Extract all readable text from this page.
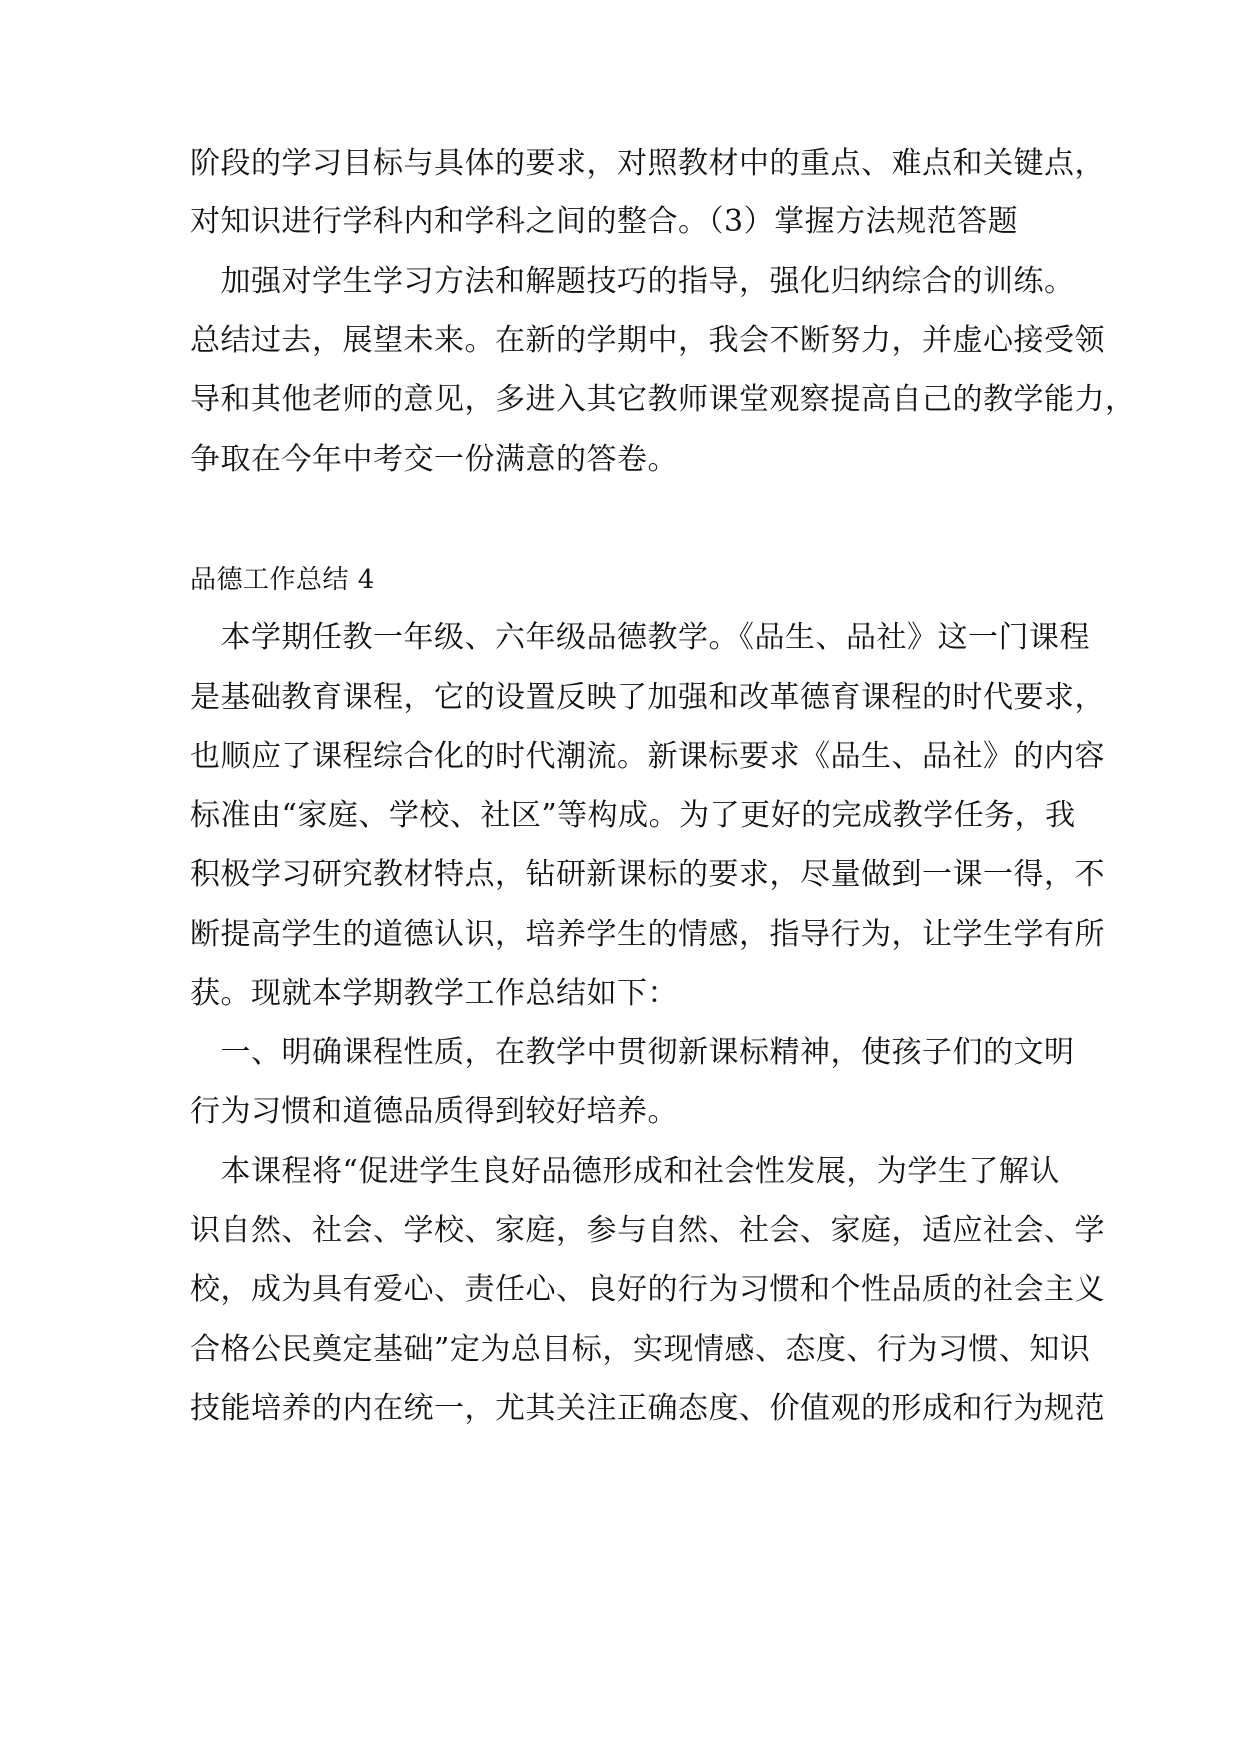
阶段的学习目标与具体的要求，对照教材中的重点、难点和关键点，
对知识进行学科内和学科之间的整合。（3）掌握方法规范答题
　加强对学生学习方法和解题技巧的指导，强化归纳综合的训练。
总结过去，展望未来。在新的学期中，我会不断努力，并虚心接受领
导和其他老师的意见，多进入其它教师课堂观察提高自己的教学能力，
争取在今年中考交一份满意的答卷。
品德工作总结 4
　本学期任教一年级、六年级品德教学。《品生、品社》这一门课程
是基础教育课程，它的设置反映了加强和改革德育课程的时代要求，
也顺应了课程综合化的时代潮流。新课标要求《品生、品社》的内容
标准由“家庭、学校、社区”等构成。为了更好的完成教学任务，我
积极学习研究教材特点，钻研新课标的要求，尽量做到一课一得，不
断提高学生的道德认识，培养学生的情感，指导行为，让学生学有所
获。现就本学期教学工作总结如下：
　一、明确课程性质，在教学中贯彻新课标精神，使孩子们的文明
行为习惯和道德品质得到较好培养。
　本课程将“促进学生良好品德形成和社会性发展，为学生了解认
识自然、社会、学校、家庭，参与自然、社会、家庭，适应社会、学
校，成为具有爱心、责任心、良好的行为习惯和个性品质的社会主义
合格公民奠定基础”定为总目标，实现情感、态度、行为习惯、知识
技能培养的内在统一，尤其关注正确态度、价值观的形成和行为规范
